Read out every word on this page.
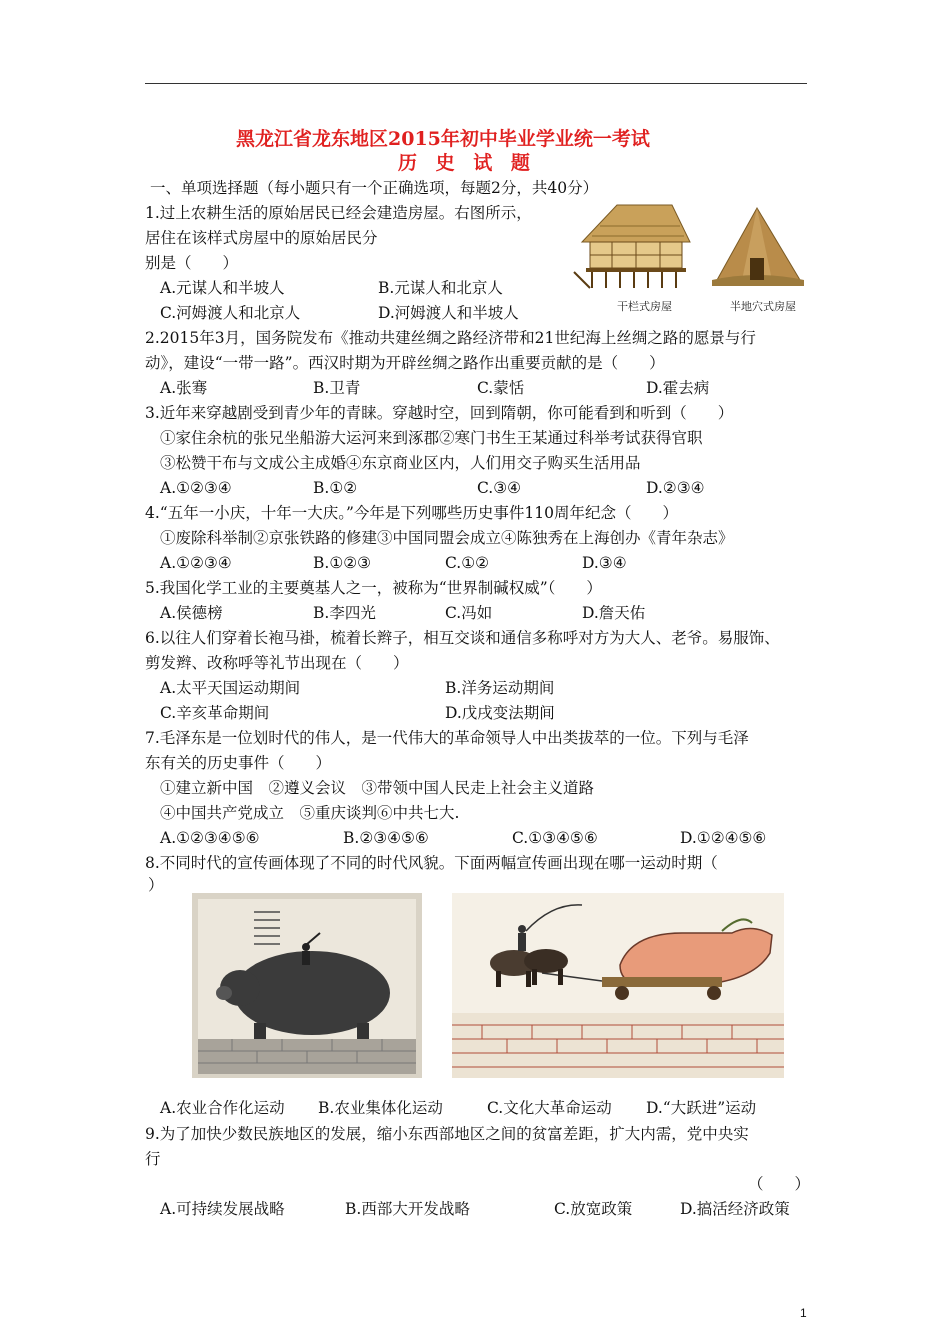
黑龙江省龙东地区2015年初中毕业学业统一考试
历 史 试 题
一、单项选择题（每小题只有一个正确选项，每题2分，共40分）
1.过上农耕生活的原始居民已经会建造房屋。右图所示，
居住在该样式房屋中的原始居民分
别是（　　）
A.元谋人和半坡人	B.元谋人和北京人
C.河姆渡人和北京人	D.河姆渡人和半坡人	干栏式房屋	半地穴式房屋
2.2015年3月，国务院发布《推动共建丝绸之路经济带和21世纪海上丝绸之路的愿景与行
动》，建设“一带一路”。西汉时期为开辟丝绸之路作出重要贡献的是（　　）
A.张骞	B.卫青	C.蒙恬	D.霍去病
3.近年来穿越剧受到青少年的青睐。穿越时空，回到隋朝，你可能看到和听到（　　）
①家住余杭的张兄坐船游大运河来到涿郡②寒门书生王某通过科举考试获得官职
③松赞干布与文成公主成婚④东京商业区内，人们用交子购买生活用品
A.①②③④	B.①②	C.③④	D.②③④
4.“五年一小庆，十年一大庆。”今年是下列哪些历史事件110周年纪念（　　）
①废除科举制②京张铁路的修建③中国同盟会成立④陈独秀在上海创办《青年杂志》
A.①②③④	B.①②③	C.①②	D.③④
5.我国化学工业的主要奠基人之一，被称为“世界制碱权威”（　　）
A.侯德榜	B.李四光	C.冯如	D.詹天佑
6.以往人们穿着长袍马褂，梳着长辫子，相互交谈和通信多称呼对方为大人、老爷。易服饰、
剪发辫、改称呼等礼节出现在（　　）
A.太平天国运动期间	B.洋务运动期间
C.辛亥革命期间	D.戊戌变法期间
7.毛泽东是一位划时代的伟人，是一代伟大的革命领导人中出类拔萃的一位。下列与毛泽
东有关的历史事件（　　）
①建立新中国　②遵义会议　③带领中国人民走上社会主义道路
④中国共产党成立　⑤重庆谈判⑥中共七大.
A.①②③④⑤⑥	B.②③④⑤⑥	C.①③④⑤⑥	D.①②④⑤⑥
8.不同时代的宣传画体现了不同的时代风貌。下面两幅宣传画出现在哪一运动时期（
）
A.农业合作化运动 B.农业集体化运动	C.文化大革命运动 D.“大跃进”运动
9.为了加快少数民族地区的发展，缩小东西部地区之间的贫富差距，扩大内需，党中央实
行
（　　）
A.可持续发展战略	B.西部大开发战略	C.放宽政策	D.搞活经济政策
1
